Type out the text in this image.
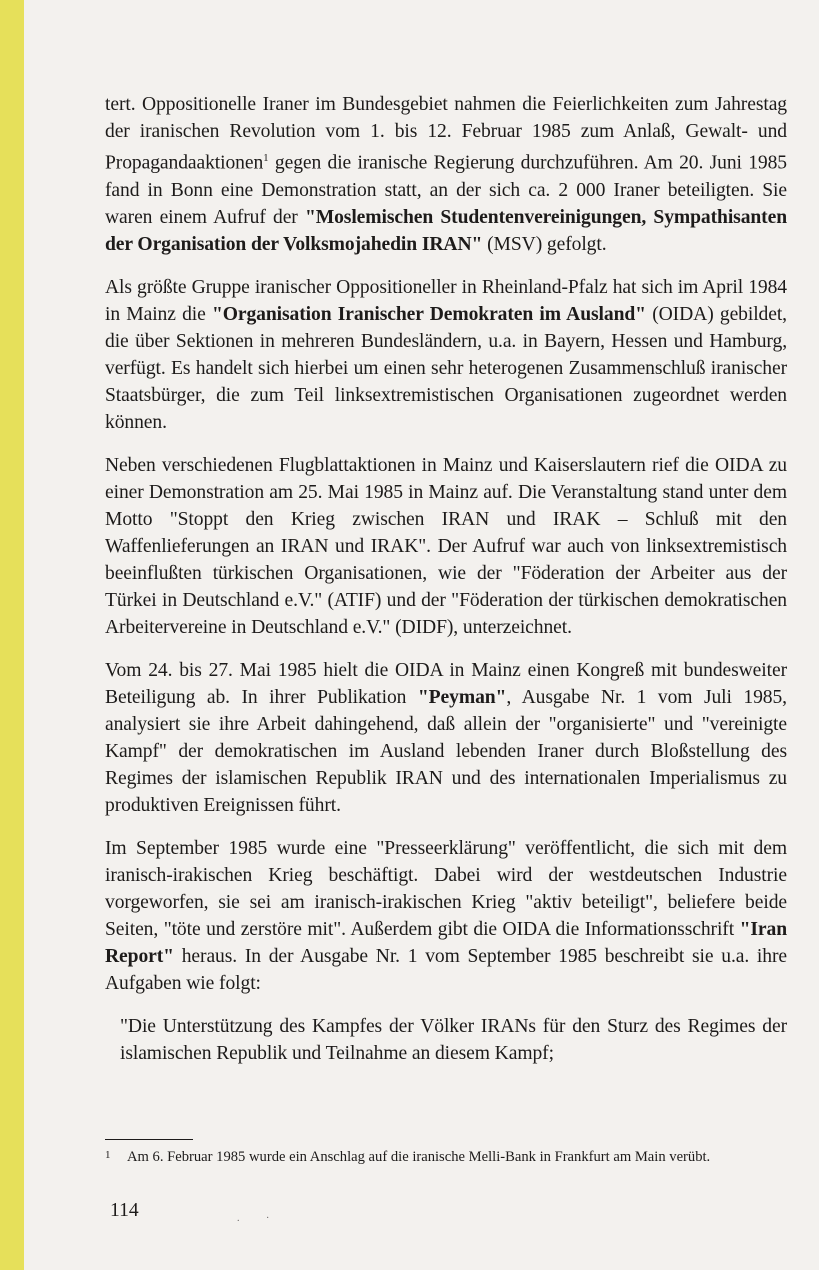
tert. Oppositionelle Iraner im Bundesgebiet nahmen die Feierlichkeiten zum Jahrestag der iranischen Revolution vom 1. bis 12. Februar 1985 zum Anlaß, Gewalt- und Propagandaaktionen$^1$ gegen die iranische Regierung durchzuführen. Am 20. Juni 1985 fand in Bonn eine Demonstration statt, an der sich ca. 2 000 Iraner beteiligten. Sie waren einem Aufruf der "Moslemischen Studentenvereinigungen, Sympathisanten der Organisation der Volksmojahedin IRAN" (MSV) gefolgt.

Als größte Gruppe iranischer Oppositioneller in Rheinland-Pfalz hat sich im April 1984 in Mainz die "Organisation Iranischer Demokraten im Ausland" (OIDA) gebildet, die über Sektionen in mehreren Bundesländern, u.a. in Bayern, Hessen und Hamburg, verfügt. Es handelt sich hierbei um einen sehr heterogenen Zusammenschluß iranischer Staatsbürger, die zum Teil linksextremistischen Organisationen zugeordnet werden können.

Neben verschiedenen Flugblattaktionen in Mainz und Kaiserslautern rief die OIDA zu einer Demonstration am 25. Mai 1985 in Mainz auf. Die Veranstaltung stand unter dem Motto "Stoppt den Krieg zwischen IRAN und IRAK – Schluß mit den Waffenlieferungen an IRAN und IRAK". Der Aufruf war auch von linksextremistisch beeinflußten türkischen Organisationen, wie der "Föderation der Arbeiter aus der Türkei in Deutschland e.V." (ATIF) und der "Föderation der türkischen demokratischen Arbeitervereine in Deutschland e.V." (DIDF), unterzeichnet.

Vom 24. bis 27. Mai 1985 hielt die OIDA in Mainz einen Kongreß mit bundesweiter Beteiligung ab. In ihrer Publikation "Peyman", Ausgabe Nr. 1 vom Juli 1985, analysiert sie ihre Arbeit dahingehend, daß allein der "organisierte" und "vereinigte Kampf" der demokratischen im Ausland lebenden Iraner durch Bloßstellung des Regimes der islamischen Republik IRAN und des internationalen Imperialismus zu produktiven Ereignissen führt.

Im September 1985 wurde eine "Presseerklärung" veröffentlicht, die sich mit dem iranisch-irakischen Krieg beschäftigt. Dabei wird der westdeutschen Industrie vorgeworfen, sie sei am iranisch-irakischen Krieg "aktiv beteiligt", beliefere beide Seiten, "töte und zerstöre mit". Außerdem gibt die OIDA die Informationsschrift "Iran Report" heraus. In der Ausgabe Nr. 1 vom September 1985 beschreibt sie u.a. ihre Aufgaben wie folgt:

"Die Unterstützung des Kampfes der Völker IRANs für den Sturz des Regimes der islamischen Republik und Teilnahme an diesem Kampf;

1	Am 6. Februar 1985 wurde ein Anschlag auf die iranische Melli-Bank in Frankfurt am Main verübt.
114	. ·
